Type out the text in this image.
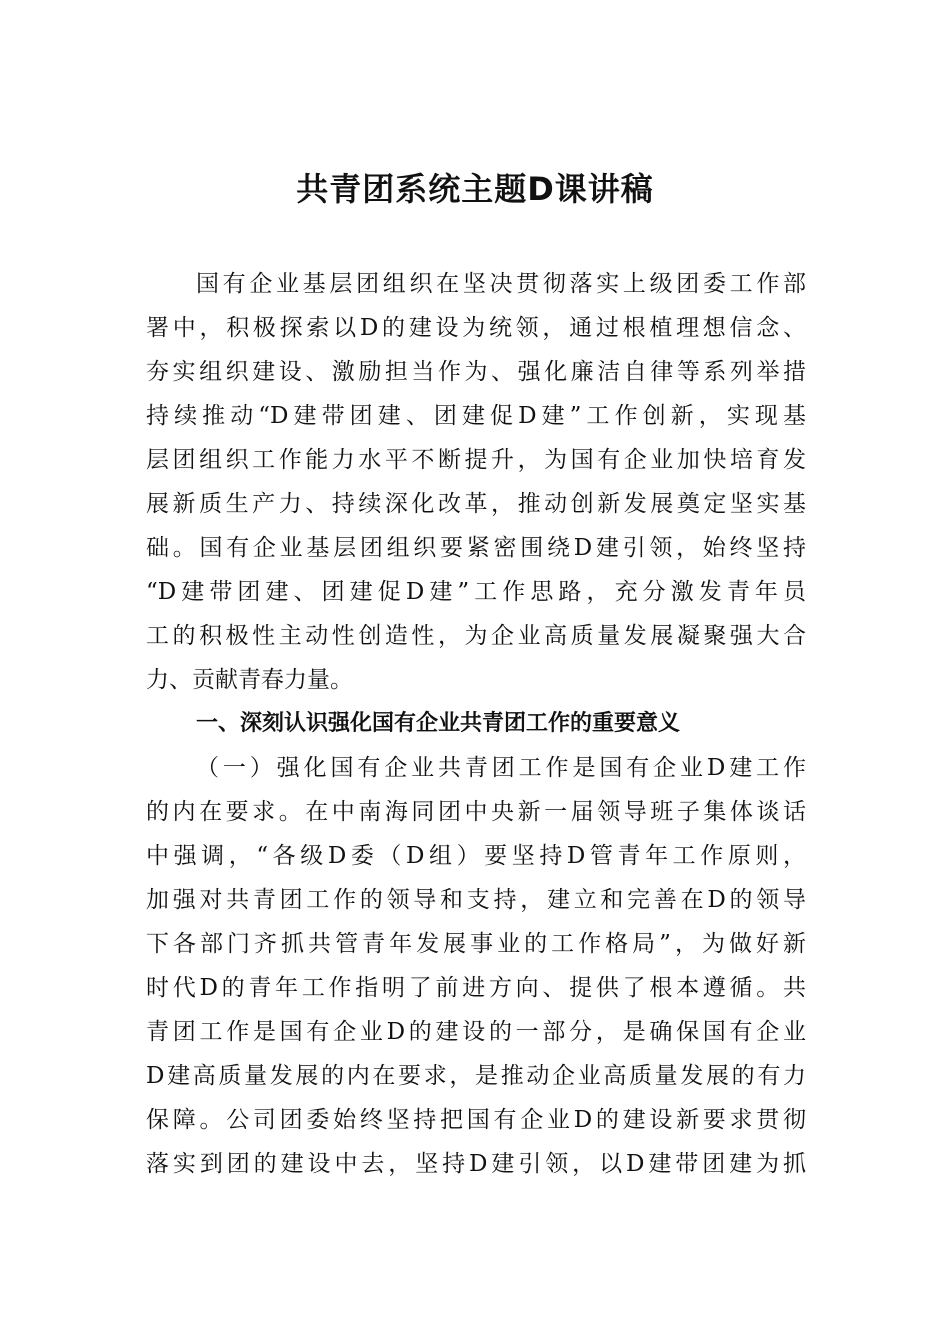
共青团系统主题D课讲稿

国有企业基层团组织在坚决贯彻落实上级团委工作部

署中，积极探索以D的建设为统领，通过根植理想信念、

夯实组织建设、激励担当作为、强化廉洁自律等系列举措

持续推动“D建带团建、团建促D建”工作创新，实现基

层团组织工作能力水平不断提升，为国有企业加快培育发

展新质生产力、持续深化改革，推动创新发展奠定坚实基

础。国有企业基层团组织要紧密围绕D建引领，始终坚持

“D建带团建、团建促D建”工作思路，充分激发青年员

工的积极性主动性创造性，为企业高质量发展凝聚强大合

力、贡献青春力量。

一、深刻认识强化国有企业共青团工作的重要意义

（一）强化国有企业共青团工作是国有企业D建工作

的内在要求。在中南海同团中央新一届领导班子集体谈话

中强调，“各级D委（D组）要坚持D管青年工作原则，

加强对共青团工作的领导和支持，建立和完善在D的领导

下各部门齐抓共管青年发展事业的工作格局”，为做好新

时代D的青年工作指明了前进方向、提供了根本遵循。共

青团工作是国有企业D的建设的一部分，是确保国有企业

D建高质量发展的内在要求，是推动企业高质量发展的有力

保障。公司团委始终坚持把国有企业D的建设新要求贯彻

落实到团的建设中去，坚持D建引领，以D建带团建为抓
